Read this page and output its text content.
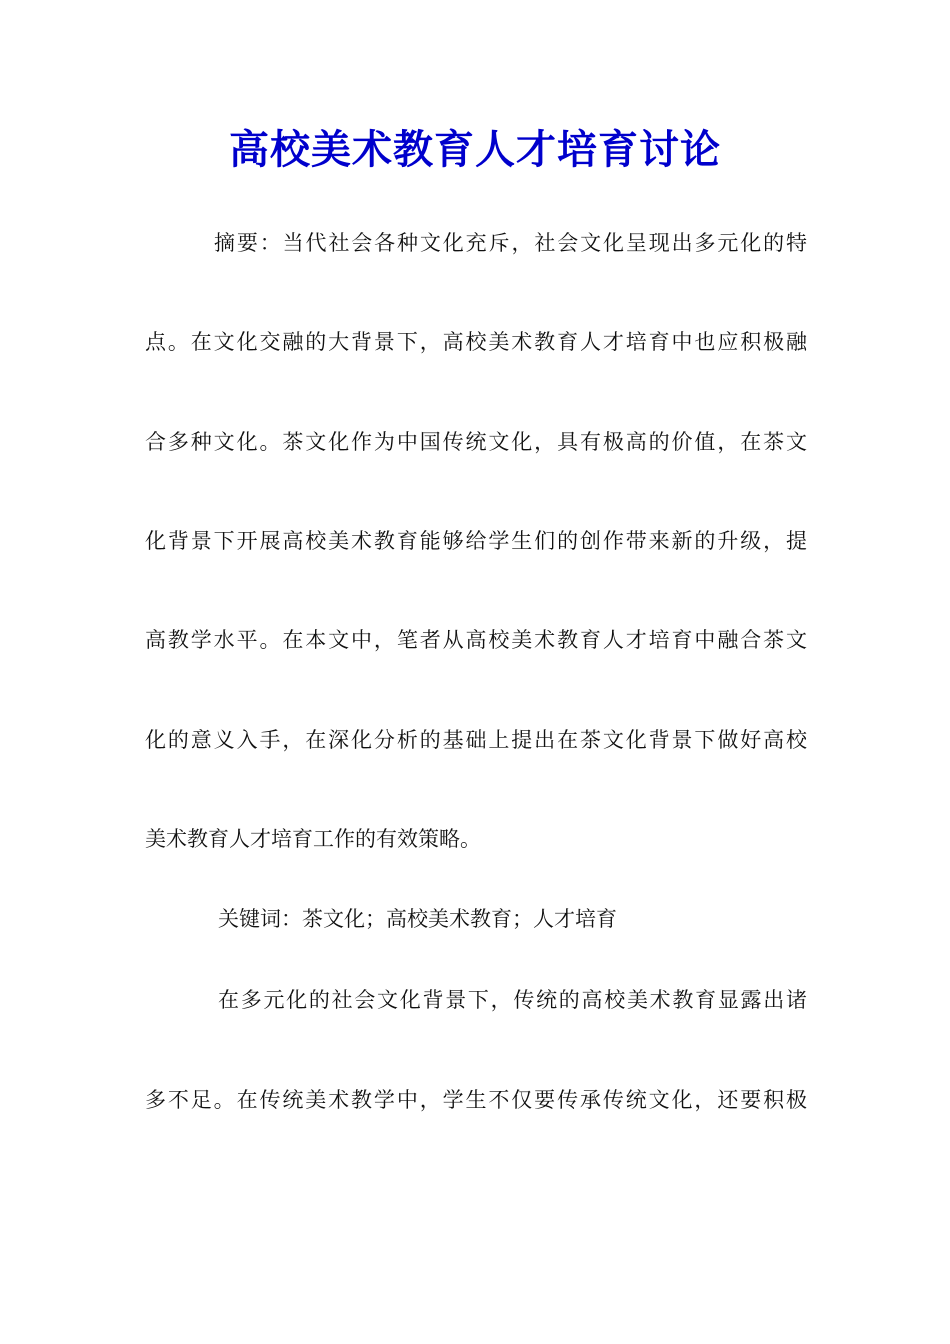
高校美术教育人才培育讨论
摘要：当代社会各种文化充斥，社会文化呈现出多元化的特
点。在文化交融的大背景下，高校美术教育人才培育中也应积极融
合多种文化。茶文化作为中国传统文化，具有极高的价值，在茶文
化背景下开展高校美术教育能够给学生们的创作带来新的升级，提
高教学水平。在本文中，笔者从高校美术教育人才培育中融合茶文
化的意义入手，在深化分析的基础上提出在茶文化背景下做好高校
美术教育人才培育工作的有效策略。
关键词：茶文化；高校美术教育；人才培育
在多元化的社会文化背景下，传统的高校美术教育显露出诸
多不足。在传统美术教学中，学生不仅要传承传统文化，还要积极
